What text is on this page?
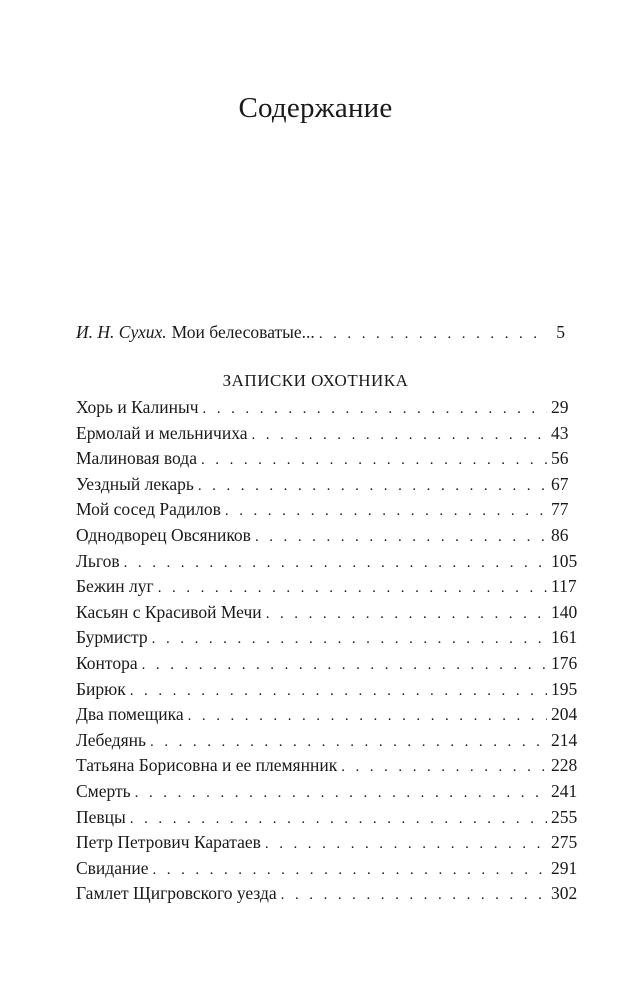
Содержание
И. Н. Сухих. Мои белесоватые... . . .	5
ЗАПИСКИ ОХОТНИКА
Хорь и Калиныч . . .	29
Ермолай и мельничиха . . .	43
Малиновая вода . . .	56
Уездный лекарь . . .	67
Мой сосед Радилов . . .	77
Однодворец Овсяников . . .	86
Льгов . . .	105
Бежин луг . . .	117
Касьян с Красивой Мечи . . .	140
Бурмистр . . .	161
Контора . . .	176
Бирюк . . .	195
Два помещика . . .	204
Лебедянь . . .	214
Татьяна Борисовна и ее племянник . . .	228
Смерть . . .	241
Певцы . . .	255
Петр Петрович Каратаев . . .	275
Свидание . . .	291
Гамлет Щигровского уезда . . .	302
